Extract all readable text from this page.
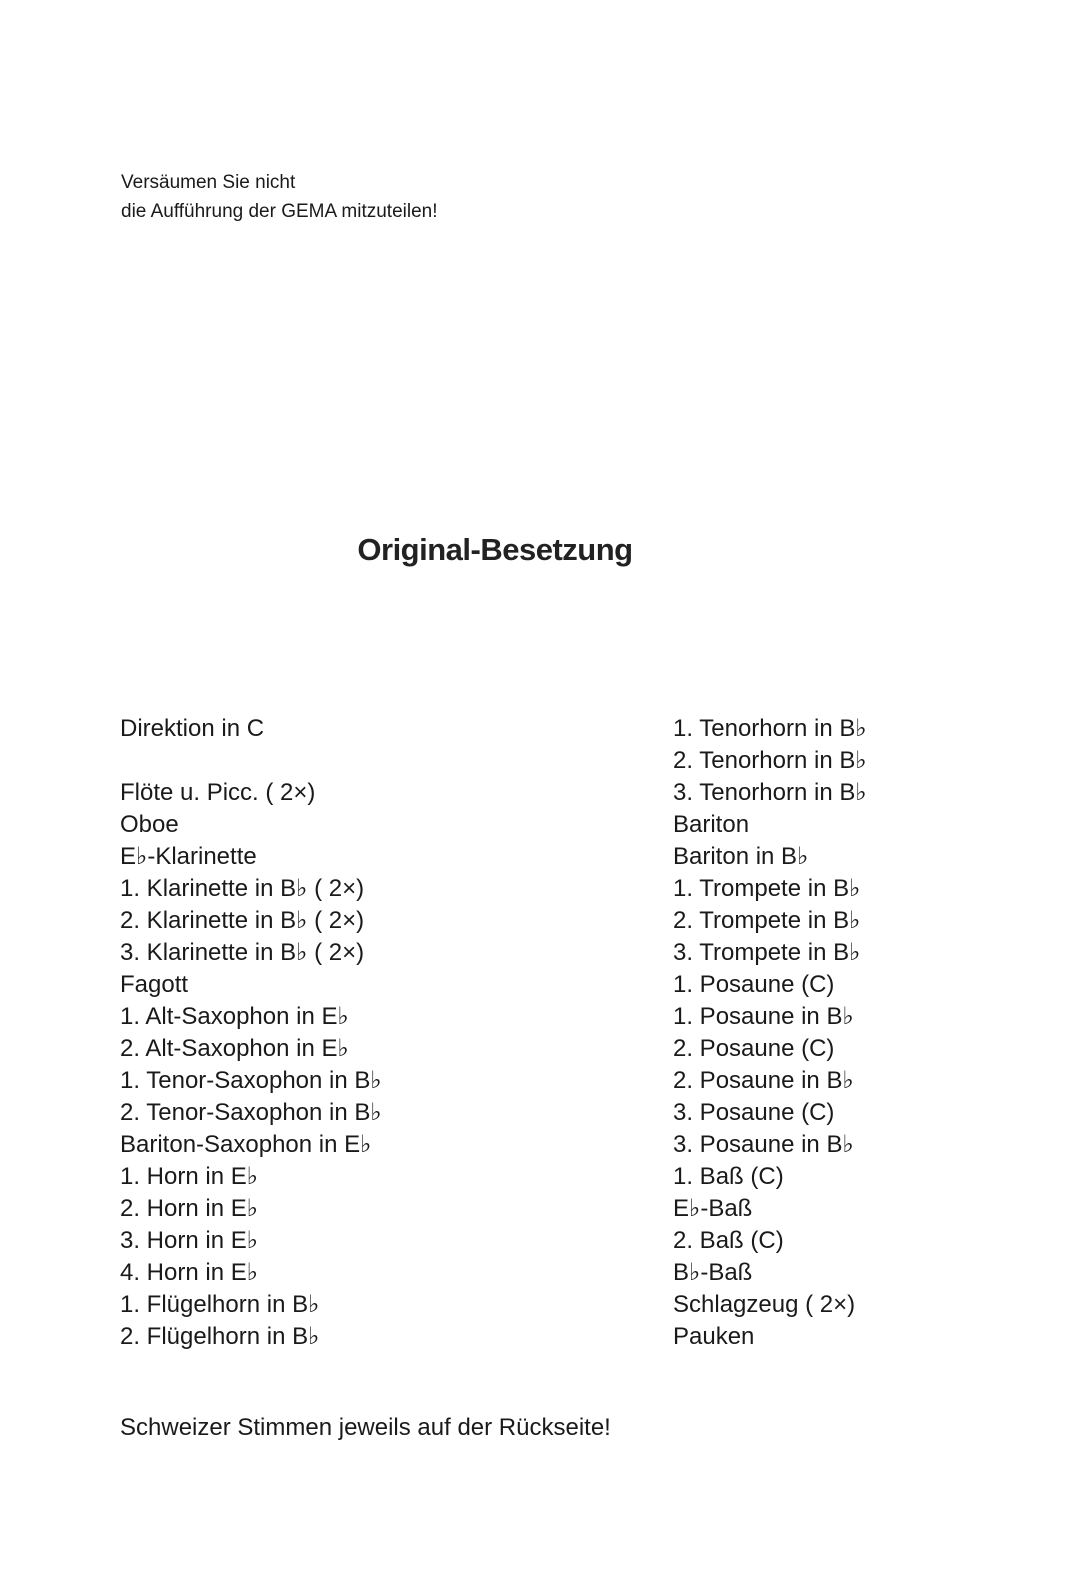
Versäumen Sie nicht
die Aufführung der GEMA mitzuteilen!
Original-Besetzung
Direktion in C
Flöte u. Picc. ( 2×)
Oboe
E♭-Klarinette
1. Klarinette in B♭ ( 2×)
2. Klarinette in B♭ ( 2×)
3. Klarinette in B♭ ( 2×)
Fagott
1. Alt-Saxophon in E♭
2. Alt-Saxophon in E♭
1. Tenor-Saxophon in B♭
2. Tenor-Saxophon in B♭
Bariton-Saxophon in E♭
1. Horn in E♭
2. Horn in E♭
3. Horn in E♭
4. Horn in E♭
1. Flügelhorn in B♭
2. Flügelhorn in B♭
1. Tenorhorn in B♭
2. Tenorhorn in B♭
3. Tenorhorn in B♭
Bariton
Bariton in B♭
1. Trompete in B♭
2. Trompete in B♭
3. Trompete in B♭
1. Posaune (C)
1. Posaune in B♭
2. Posaune (C)
2. Posaune in B♭
3. Posaune (C)
3. Posaune in B♭
1. Baß (C)
E♭-Baß
2. Baß (C)
B♭-Baß
Schlagzeug ( 2×)
Pauken
Schweizer Stimmen jeweils auf der Rückseite!
